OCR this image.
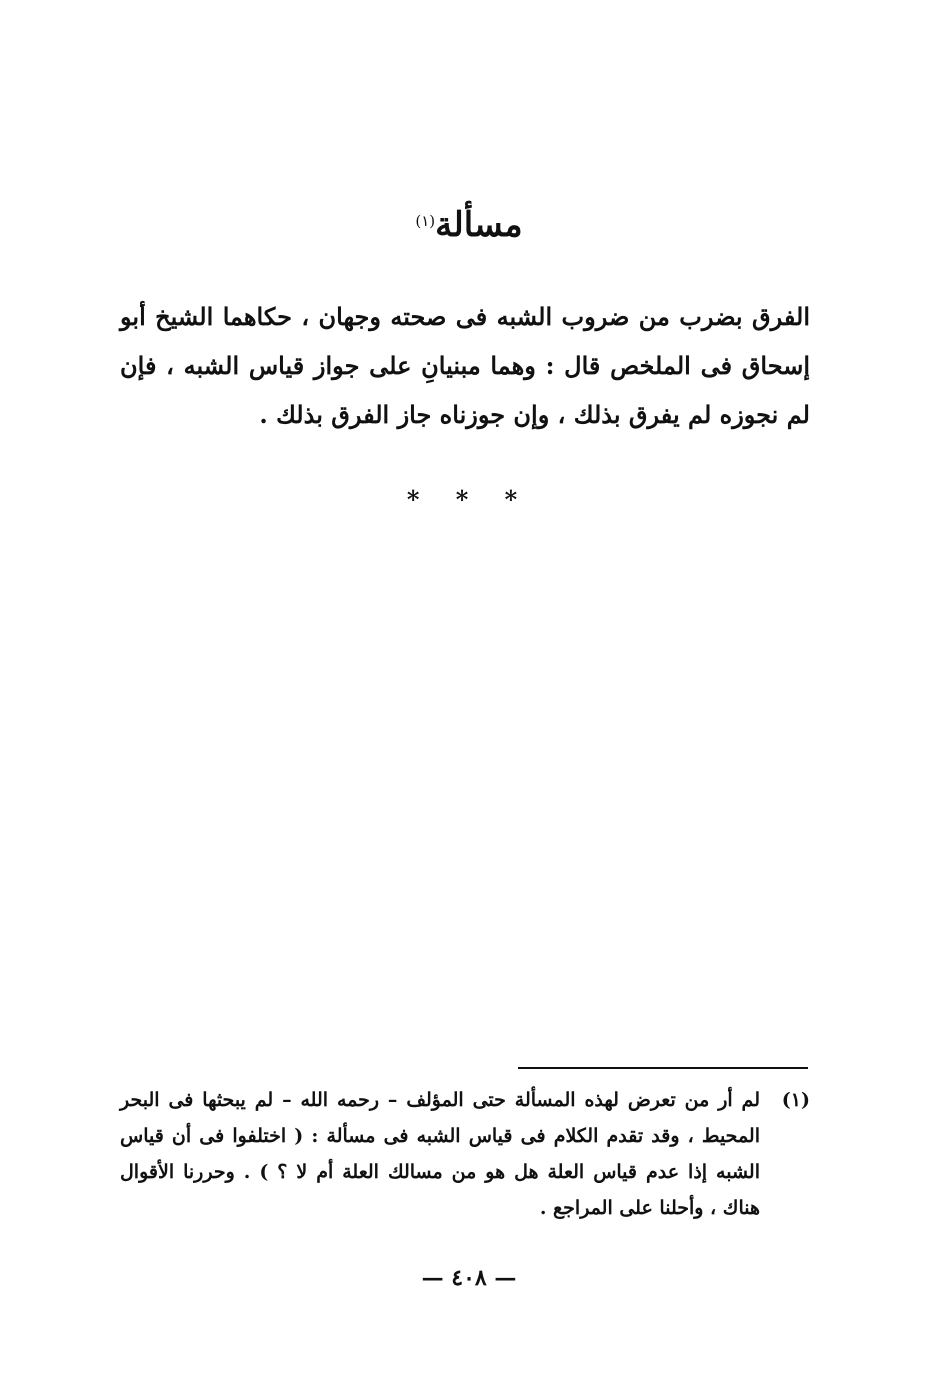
مسألة$^{(١)}$
الفرق بضرب من ضروب الشبه فى صحته وجهان ، حكاهما الشيخ أبو إسحاق فى الملخص قال : وهما مبنيانِ على جواز قياس الشبه ، فإن لم نجوزه لم يفرق بذلك ، وإن جوزناه جاز الفرق بذلك .
* * *
(١)
لم أر من تعرض لهذه المسألة حتى المؤلف – رحمه الله – لم يبحثها فى البحر المحيط ، وقد تقدم الكلام فى قياس الشبه فى مسألة : ( اختلفوا فى أن قياس الشبه إذا عدم قياس العلة هل هو من مسالك العلة أم لا ؟ ) . وحررنا الأقوال هناك ، وأحلنا على المراجع .
— ٤٠٨ —
